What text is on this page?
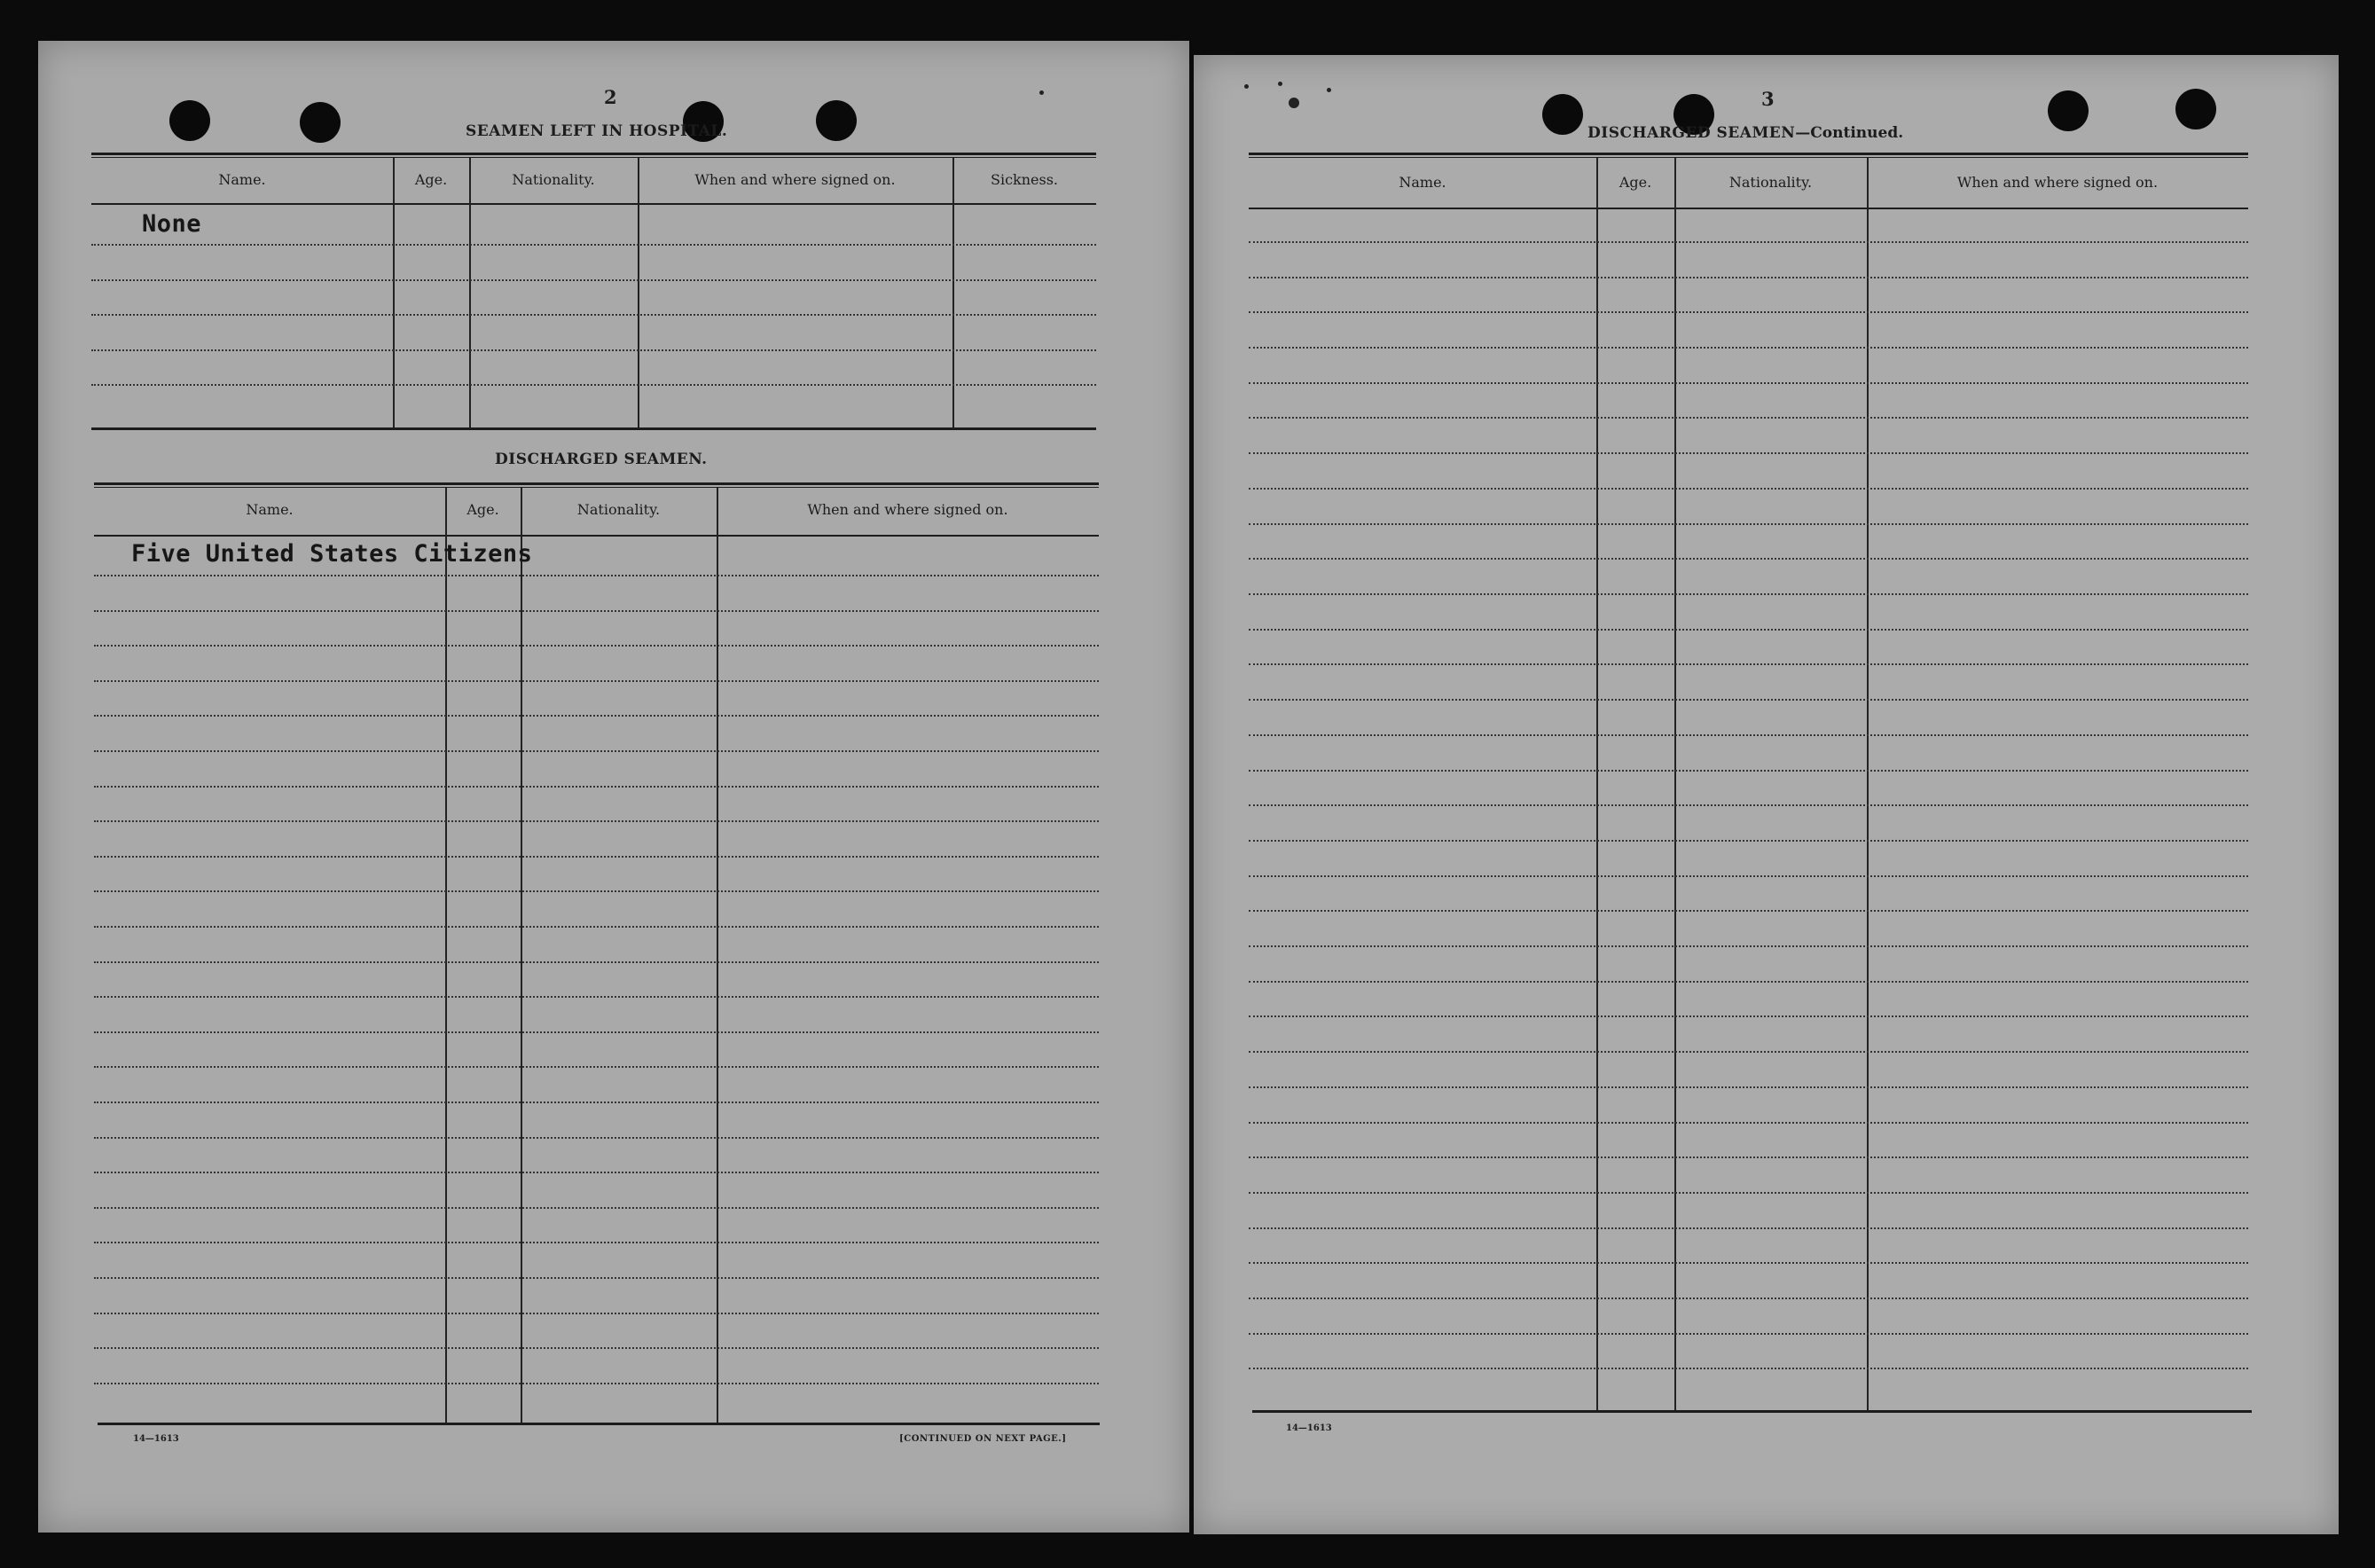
2
SEAMEN LEFT IN HOSPITAL.
Name.	Age.	Nationality.	When and where signed on.	Sickness.
None
DISCHARGED SEAMEN.
Name.	Age.	Nationality.	When and where signed on.
Five United States Citizens
14—1613	[CONTINUED ON NEXT PAGE.]
3
DISCHARGED SEAMEN—Continued.
Name.	Age.	Nationality.	When and where signed on.
14—1613
